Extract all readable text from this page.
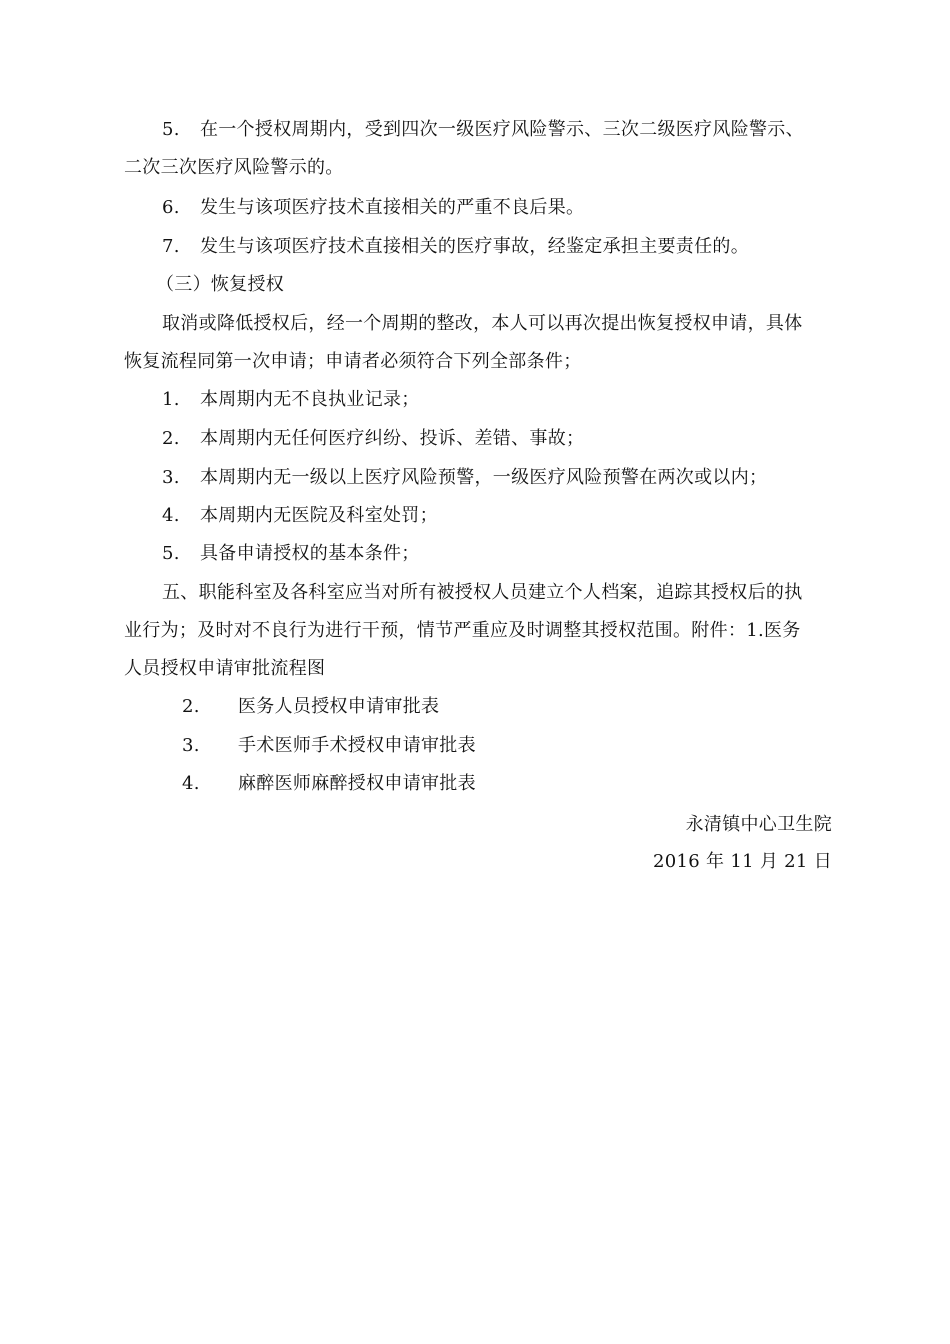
5. 在一个授权周期内，受到四次一级医疗风险警示、三次二级医疗风险警示、
二次三次医疗风险警示的。
6. 发生与该项医疗技术直接相关的严重不良后果。
7. 发生与该项医疗技术直接相关的医疗事故，经鉴定承担主要责任的。
（三）恢复授权
取消或降低授权后，经一个周期的整改，本人可以再次提出恢复授权申请，具体
恢复流程同第一次申请；申请者必须符合下列全部条件；
1. 本周期内无不良执业记录；
2. 本周期内无任何医疗纠纷、投诉、差错、事故；
3. 本周期内无一级以上医疗风险预警，一级医疗风险预警在两次或以内；
4. 本周期内无医院及科室处罚；
5. 具备申请授权的基本条件；
五、职能科室及各科室应当对所有被授权人员建立个人档案，追踪其授权后的执
业行为；及时对不良行为进行干预，情节严重应及时调整其授权范围。附件：1.医务
人员授权申请审批流程图
2. 医务人员授权申请审批表
3. 手术医师手术授权申请审批表
4. 麻醉医师麻醉授权申请审批表
永清镇中心卫生院
2016 年 11 月 21 日
